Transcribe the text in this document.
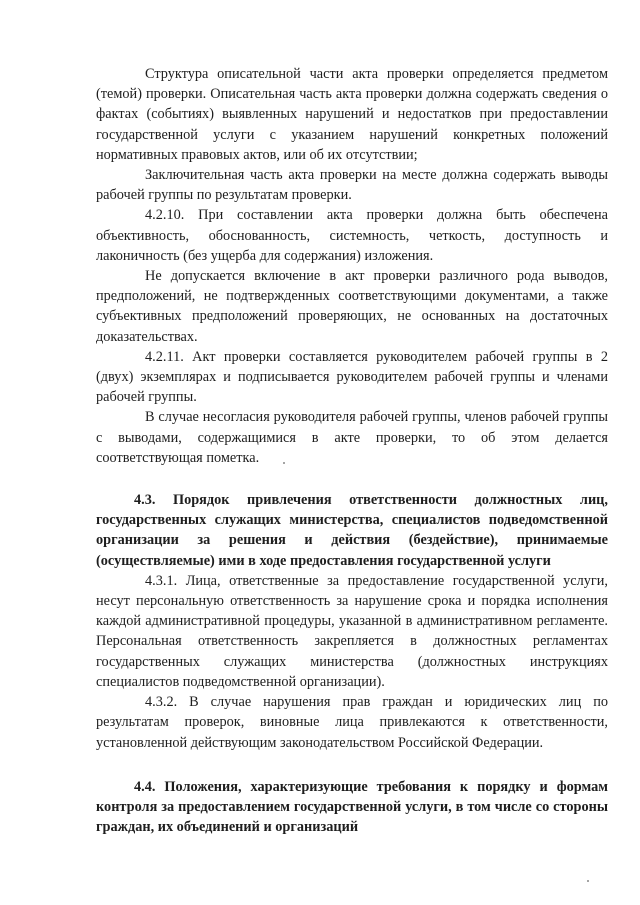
Структура описательной части акта проверки определяется предметом (темой) проверки. Описательная часть акта проверки должна содержать сведения о фактах (событиях) выявленных нарушений и недостатков при предоставлении государственной услуги с указанием нарушений конкретных положений нормативных правовых актов, или об их отсутствии;

Заключительная часть акта проверки на месте должна содержать выводы рабочей группы по результатам проверки.

4.2.10. При составлении акта проверки должна быть обеспечена объективность, обоснованность, системность, четкость, доступность и лаконичность (без ущерба для содержания) изложения.

Не допускается включение в акт проверки различного рода выводов, предположений, не подтвержденных соответствующими документами, а также субъективных предположений проверяющих, не основанных на достаточных доказательствах.

4.2.11. Акт проверки составляется руководителем рабочей группы в 2 (двух) экземплярах и подписывается руководителем рабочей группы и членами рабочей группы.

В случае несогласия руководителя рабочей группы, членов рабочей группы с выводами, содержащимися в акте проверки, то об этом делается соответствующая пометка.

4.3. Порядок привлечения ответственности должностных лиц, государственных служащих министерства, специалистов подведомственной организации за решения и действия (бездействие), принимаемые (осуществляемые) ими в ходе предоставления государственной услуги

4.3.1. Лица, ответственные за предоставление государственной услуги, несут персональную ответственность за нарушение срока и порядка исполнения каждой административной процедуры, указанной в административном регламенте. Персональная ответственность закрепляется в должностных регламентах государственных служащих министерства (должностных инструкциях специалистов подведомственной организации).

4.3.2. В случае нарушения прав граждан и юридических лиц по результатам проверок, виновные лица привлекаются к ответственности, установленной действующим законодательством Российской Федерации.

4.4. Положения, характеризующие требования к порядку и формам контроля за предоставлением государственной услуги, в том числе со стороны граждан, их объединений и организаций
